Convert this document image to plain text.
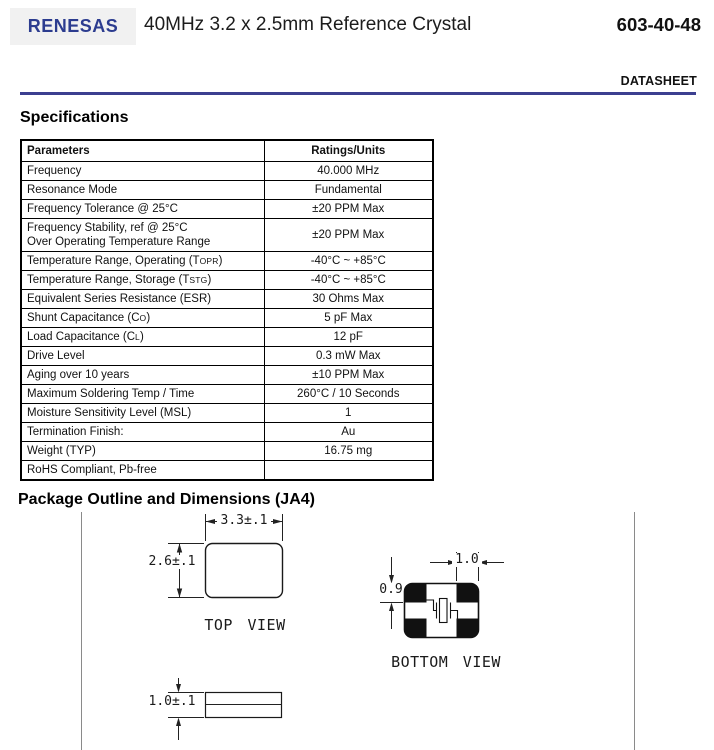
RENESAS 40MHz 3.2 x 2.5mm Reference Crystal	603-40-48
DATASHEET
Specifications
Parameters	Ratings/Units
Frequency	40.000 MHz
Resonance Mode	Fundamental
Frequency Tolerance @ 25°C	±20 PPM Max
Frequency Stability, ref @ 25°C
Over Operating Temperature Range	±20 PPM Max
Temperature Range, Operating (TOPR)	-40°C ~ +85°C
Temperature Range, Storage (TSTG)	-40°C ~ +85°C
Equivalent Series Resistance (ESR)	30 Ohms Max
Shunt Capacitance (CO)	5 pF Max
Load Capacitance (CL)	12 pF
Drive Level	0.3 mW Max
Aging over 10 years	±10 PPM Max
Maximum Soldering Temp / Time	260°C / 10 Seconds
Moisture Sensitivity Level (MSL)	1
Termination Finish:	Au
Weight (TYP)	16.75 mg
RoHS Compliant, Pb-free	
Package Outline and Dimensions (JA4)
3.3±.1
2.6±.1
TOP VIEW
1.0
0.9
BOTTOM VIEW
1.0±.1
